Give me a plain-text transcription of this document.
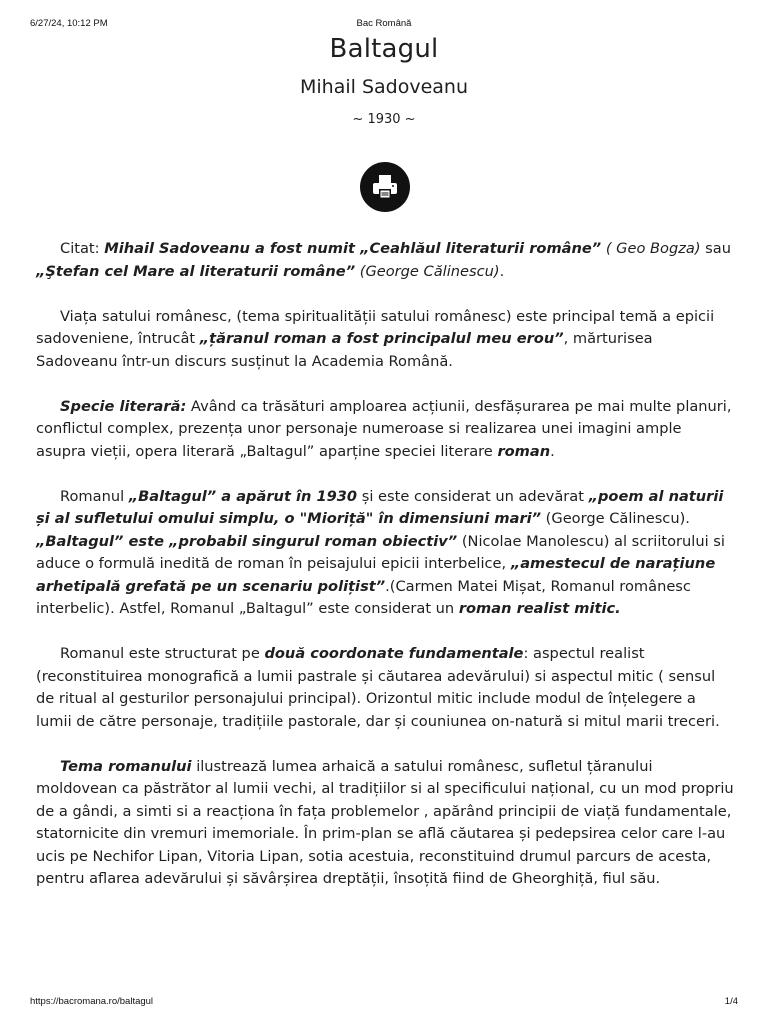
6/27/24, 10:12 PM	Bac Română
Baltagul
Mihail Sadoveanu
~ 1930 ~

Citat: Mihail Sadoveanu a fost numit „Ceahlăul literaturii române” ( Geo Bogza) sau „Ştefan cel Mare al literaturii române” (George Călinescu).

Viața satului românesc, (tema spiritualității satului românesc) este principal temă a epicii sadoveniene, întrucât „țăranul roman a fost principalul meu erou”, mărturisea Sadoveanu într-un discurs susținut la Academia Română.

Specie literară: Având ca trăsături amploarea acțiunii, desfășurarea pe mai multe planuri, conflictul complex, prezența unor personaje numeroase si realizarea unei imagini ample asupra vieții, opera literară „Baltagul” aparține speciei literare roman.

Romanul „Baltagul” a apărut în 1930 și este considerat un adevărat „poem al naturii și al sufletului omului simplu, o "Mioriță" în dimensiuni mari” (George Călinescu). „Baltagul” este „probabil singurul roman obiectiv” (Nicolae Manolescu) al scriitorului si aduce o formulă inedită de roman în peisajului epicii interbelice, „amestecul de narațiune arhetipală grefată pe un scenariu polițist”.(Carmen Matei Mișat, Romanul românesc interbelic). Astfel, Romanul „Baltagul” este considerat un roman realist mitic.

Romanul este structurat pe două coordonate fundamentale: aspectul realist (reconstituirea monografică a lumii pastrale și căutarea adevărului) si aspectul mitic ( sensul de ritual al gesturilor personajului principal). Orizontul mitic include modul de înțelegere a lumii de către personaje, tradițiile pastorale, dar și couniunea on-natură si mitul marii treceri.

Tema romanului ilustrează lumea arhaică a satului românesc, sufletul țăranului moldovean ca păstrător al lumii vechi, al tradițiilor si al specificului național, cu un mod propriu de a gândi, a simti si a reacționa în fața problemelor , apărând principii de viață fundamentale, statornicite din vremuri imemoriale. În prim-plan se află căutarea și pedepsirea celor care l-au ucis pe Nechifor Lipan, Vitoria Lipan, sotia acestuia, reconstituind drumul parcurs de acesta, pentru aflarea adevărului și săvârșirea dreptății, însoțită fiind de Gheorghiță, fiul său.

https://bacromana.ro/baltagul	1/4
